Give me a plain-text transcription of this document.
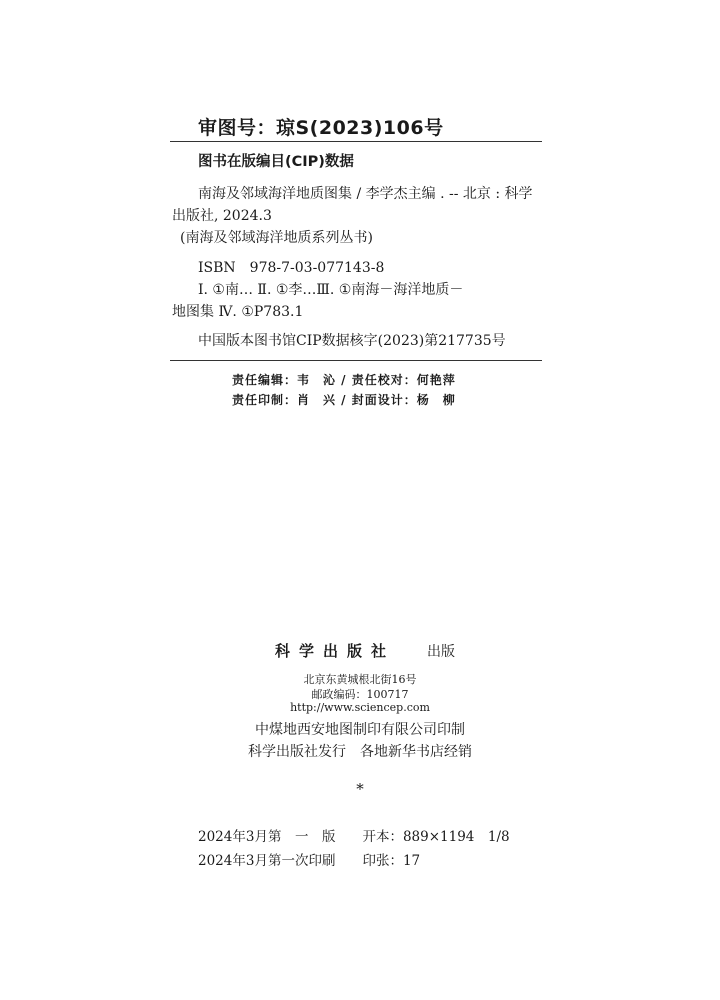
审图号：琼S(2023)106号
图书在版编目(CIP)数据
南海及邻域海洋地质图集 / 李学杰主编 . -- 北京 : 科学
出版社, 2024.3
(南海及邻域海洋地质系列丛书)
ISBN　978-7-03-077143-8
Ⅰ. ①南… Ⅱ. ①李…Ⅲ. ①南海－海洋地质－
地图集 Ⅳ. ①P783.1
中国版本图书馆CIP数据核字(2023)第217735号
责任编辑：韦　沁 / 责任校对：何艳萍
责任印制：肖　兴 / 封面设计：杨　柳
科学出版社 出版
北京东黄城根北街16号
邮政编码：100717
http://www.sciencep.com
中煤地西安地图制印有限公司印制
科学出版社发行　各地新华书店经销
*
2024年3月第　一　版　　开本：889×1194　1/8
2024年3月第一次印刷　　印张：17
